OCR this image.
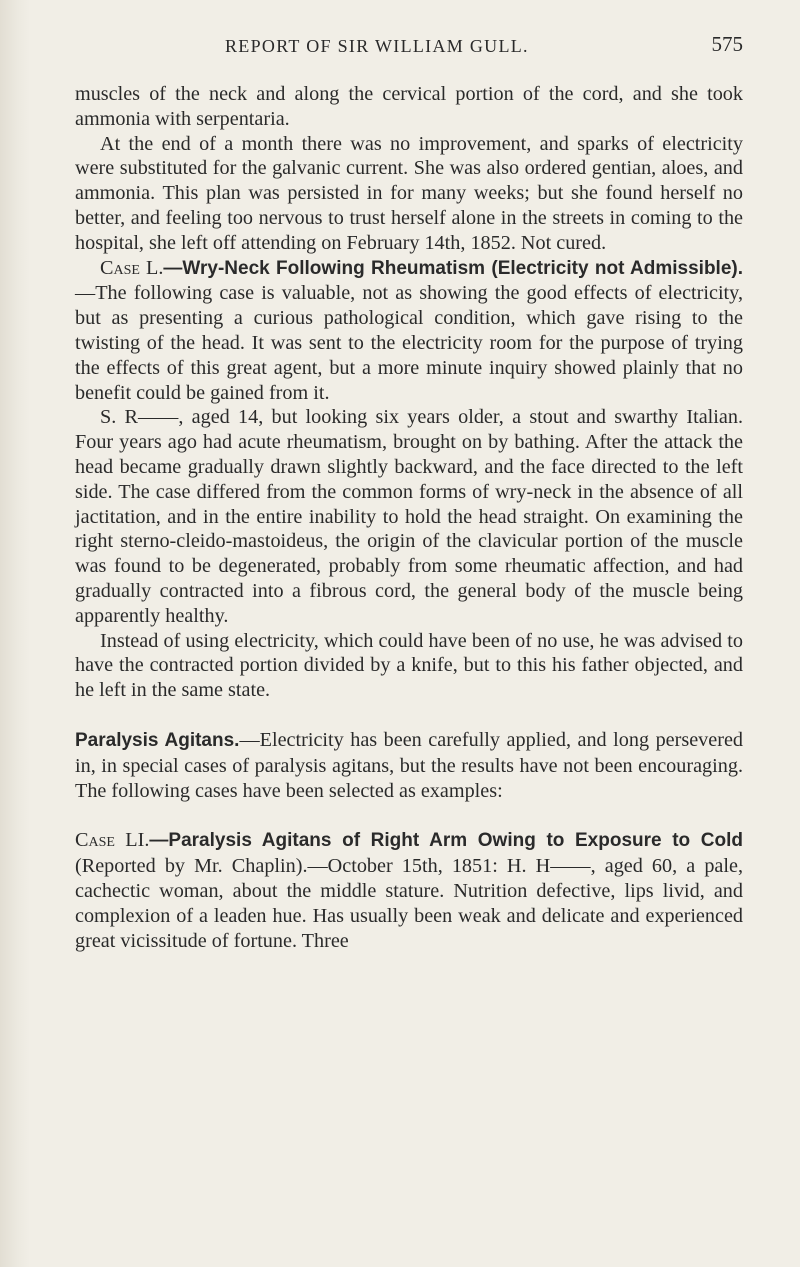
REPORT OF SIR WILLIAM GULL.	575

muscles of the neck and along the cervical portion of the cord, and she took ammonia with serpentaria.

At the end of a month there was no improvement, and sparks of electricity were substituted for the galvanic current. She was also ordered gentian, aloes, and ammonia. This plan was persisted in for many weeks; but she found herself no better, and feeling too nervous to trust herself alone in the streets in coming to the hospital, she left off attending on February 14th, 1852. Not cured.

Case L.—Wry-Neck Following Rheumatism (Electricity not Admissible).—The following case is valuable, not as showing the good effects of electricity, but as presenting a curious pathological condition, which gave rising to the twisting of the head. It was sent to the electricity room for the purpose of trying the effects of this great agent, but a more minute inquiry showed plainly that no benefit could be gained from it.

S. R——, aged 14, but looking six years older, a stout and swarthy Italian. Four years ago had acute rheumatism, brought on by bathing. After the attack the head became gradually drawn slightly backward, and the face directed to the left side. The case differed from the common forms of wry-neck in the absence of all jactitation, and in the entire inability to hold the head straight. On examining the right sterno-cleido-mastoideus, the origin of the clavicular portion of the muscle was found to be degenerated, probably from some rheumatic affection, and had gradually contracted into a fibrous cord, the general body of the muscle being apparently healthy.

Instead of using electricity, which could have been of no use, he was advised to have the contracted portion divided by a knife, but to this his father objected, and he left in the same state.

Paralysis Agitans.—Electricity has been carefully applied, and long persevered in, in special cases of paralysis agitans, but the results have not been encouraging. The following cases have been selected as examples:

Case LI.—Paralysis Agitans of Right Arm Owing to Exposure to Cold (Reported by Mr. Chaplin).—October 15th, 1851: H. H——, aged 60, a pale, cachectic woman, about the middle stature. Nutrition defective, lips livid, and complexion of a leaden hue. Has usually been weak and delicate and experienced great vicissitude of fortune. Three
